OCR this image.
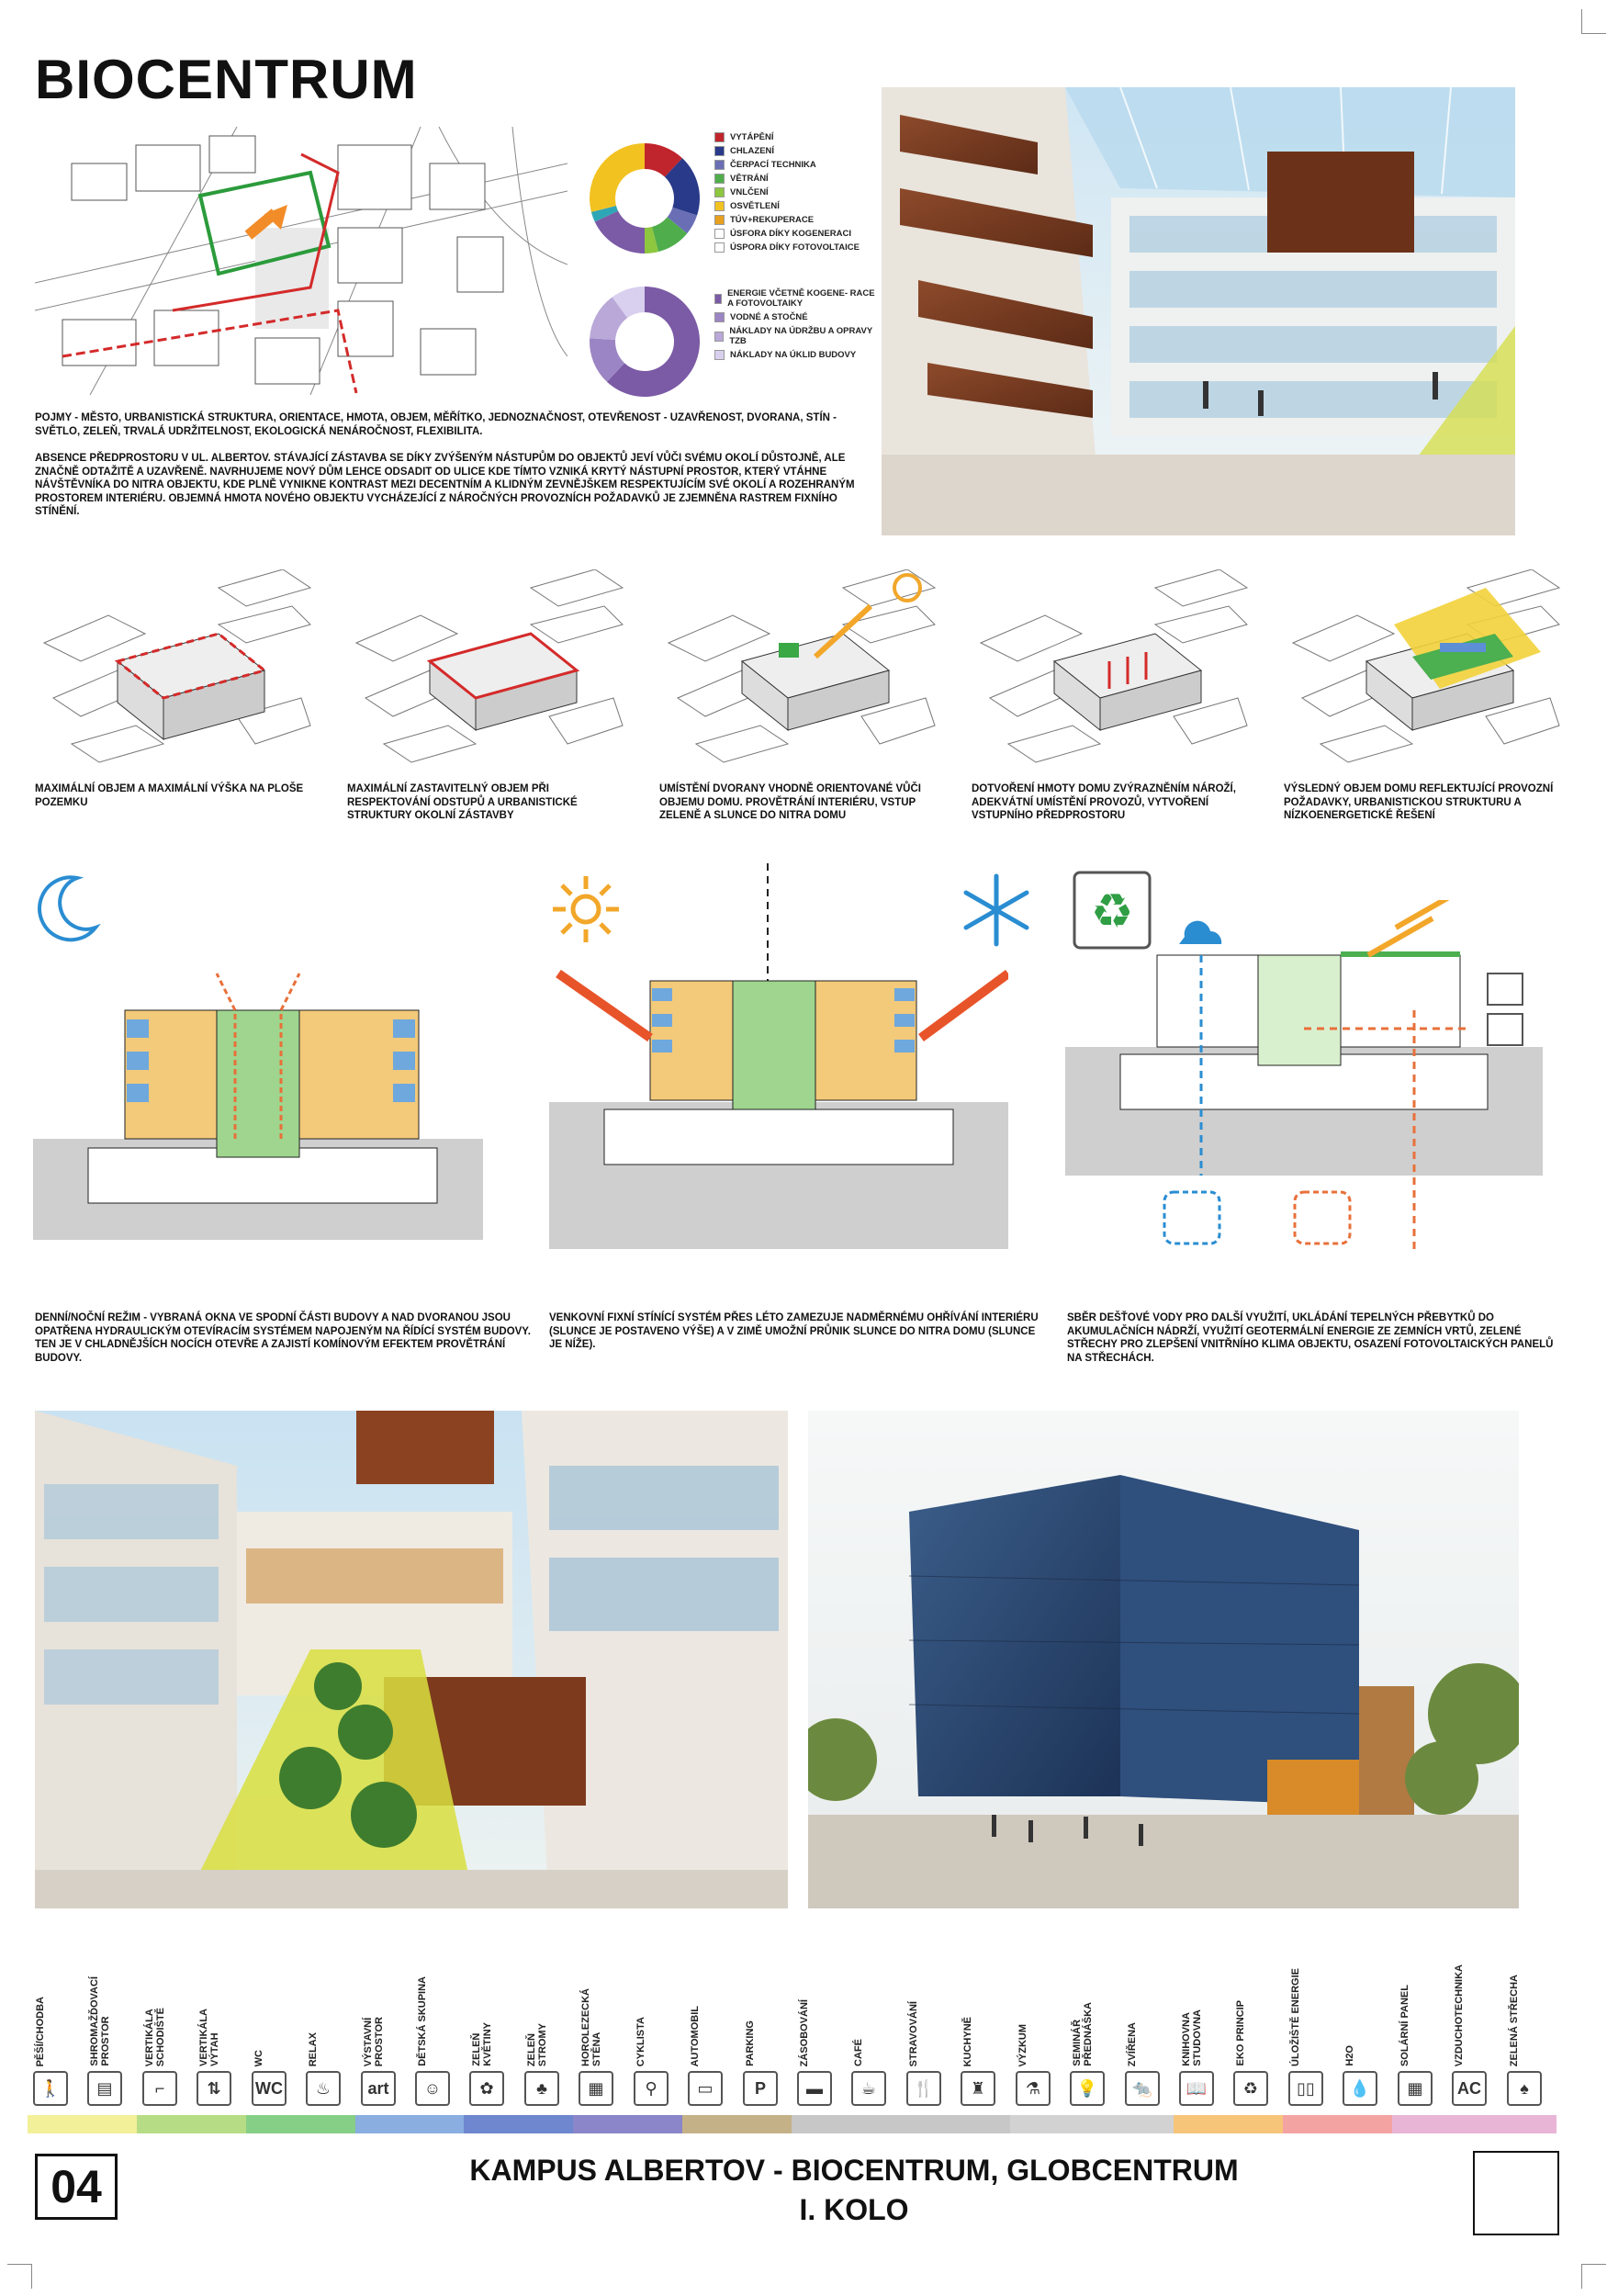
BIOCENTRUM
VYTÁPĚNÍ
CHLAZENÍ
ČERPACÍ TECHNIKA
VĚTRÁNÍ
VNLČENÍ
OSVĚTLENÍ
TÚV+REKUPERACE
ÚSFORA DÍKY KOGENERACI
ÚSPORA DÍKY FOTOVOLTAICE
ENERGIE VČETNĚ KOGENE- RACE A FOTOVOLTAIKY
VODNÉ A STOČNÉ
NÁKLADY NA ÚDRŽBU A OPRAVY TZB
NÁKLADY NA ÚKLID BUDOVY
POJMY - MĚSTO, URBANISTICKÁ STRUKTURA, ORIENTACE, HMOTA, OBJEM, MĚŘÍTKO, JEDNOZNAČNOST, OTEVŘENOST - UZAVŘENOST, DVORANA, STÍN - SVĚTLO, ZELEŇ, TRVALÁ UDRŽITELNOST, EKOLOGICKÁ NENÁROČNOST, FLEXIBILITA.
ABSENCE PŘEDPROSTORU V UL. ALBERTOV. STÁVAJÍCÍ ZÁSTAVBA SE DÍKY ZVÝŠENÝM NÁSTUPŮM DO OBJEKTŮ JEVÍ VŮČI SVÉMU OKOLÍ DŮSTOJNĚ, ALE ZNAČNĚ ODTAŽITĚ A UZAVŘENĚ. NAVRHUJEME NOVÝ DŮM LEHCE ODSADIT OD ULICE KDE TÍMTO VZNIKÁ KRYTÝ NÁSTUPNÍ PROSTOR, KTERÝ VTÁHNE NÁVŠTĚVNÍKA DO NITRA OBJEKTU, KDE PLNĚ VYNIKNE KONTRAST MEZI DECENTNÍM A KLIDNÝM ZEVNĚJŠKEM RESPEKTUJÍCÍM SVÉ OKOLÍ A ROZEHRANÝM PROSTOREM INTERIÉRU. OBJEMNÁ HMOTA NOVÉHO OBJEKTU VYCHÁZEJÍCÍ Z NÁROČNÝCH PROVOZNÍCH POŽADAVKŮ JE ZJEMNĚNA RASTREM FIXNÍHO STÍNĚNÍ.
MAXIMÁLNÍ OBJEM A MAXIMÁLNÍ VÝŠKA NA PLOŠE POZEMKU
MAXIMÁLNÍ ZASTAVITELNÝ OBJEM PŘI RESPEKTOVÁNÍ ODSTUPŮ A URBANISTICKÉ STRUKTURY OKOLNÍ ZÁSTAVBY
UMÍSTĚNÍ DVORANY VHODNĚ ORIENTOVANÉ VŮČI OBJEMU DOMU. PROVĚTRÁNÍ INTERIÉRU, VSTUP ZELENĚ A SLUNCE DO NITRA DOMU
DOTVOŘENÍ HMOTY DOMU ZVÝRAZNĚNÍM NÁROŽÍ, ADEKVÁTNÍ UMÍSTĚNÍ PROVOZŮ, VYTVOŘENÍ VSTUPNÍHO PŘEDPROSTORU
VÝSLEDNÝ OBJEM DOMU REFLEKTUJÍCÍ PROVOZNÍ POŽADAVKY, URBANISTICKOU STRUKTURU A NÍZKOENERGETICKÉ ŘEŠENÍ
♻
DENNÍ/NOČNÍ REŽIM - VYBRANÁ OKNA VE SPODNÍ ČÁSTI BUDOVY A NAD DVORANOU JSOU OPATŘENA HYDRAULICKÝM OTEVÍRACÍM SYSTÉMEM NAPOJENÝM NA ŘÍDÍCÍ SYSTÉM BUDOVY. TEN JE V CHLADNĚJŠÍCH NOCÍCH OTEVŘE A ZAJISTÍ KOMÍNOVÝM EFEKTEM PROVĚTRÁNÍ BUDOVY.
VENKOVNÍ FIXNÍ STÍNÍCÍ SYSTÉM PŘES LÉTO ZAMEZUJE NADMĚRNÉMU OHŘÍVÁNÍ INTERIÉRU (SLUNCE JE POSTAVENO VÝŠE) A V ZIMĚ UMOŽNÍ PRŮNIK SLUNCE DO NITRA DOMU (SLUNCE JE NÍŽE).
SBĚR DEŠŤOVÉ VODY PRO DALŠÍ VYUŽITÍ, UKLÁDÁNÍ TEPELNÝCH PŘEBYTKŮ DO AKUMULAČNÍCH NÁDRŽÍ, VYUŽITÍ GEOTERMÁLNÍ ENERGIE ZE ZEMNÍCH VRTŮ, ZELENÉ STŘECHY PRO ZLEPŠENÍ VNITŘNÍHO KLIMA OBJEKTU, OSAZENÍ FOTOVOLTAICKÝCH PANELŮ NA STŘECHÁCH.
PĚŠÍ/CHODBA
🚶
SHROMAŽĎOVACÍ
PROSTOR
▤
VERTIKÁLA
SCHODIŠTĚ
⌐
VERTIKÁLA
VÝTAH
⇅
WC
WC
RELAX
♨
VÝSTAVNÍ
PROSTOR
art
DĚTSKÁ SKUPINA
☺
ZELEŇ
KVĚTINY
✿
ZELEŇ
STROMY
♣
HOROLEZECKÁ
STĚNA
▦
CYKLISTA
⚲
AUTOMOBIL
▭
PARKING
P
ZÁSOBOVÁNÍ
▬
CAFÉ
☕
STRAVOVÁNÍ
🍴
KUCHYNĚ
♜
VÝZKUM
⚗
SEMINÁŘ
PŘEDNÁŠKA
💡
ZVÍŘENA
🐀
KNIHOVNA
STUDOVNA
📖
EKO PRINCIP
♻
ÚLOŽIŠTĚ ENERGIE
▯▯
H2O
💧
SOLÁRNÍ PANEL
▦
VZDUCHOTECHNIKA
AC
ZELENÁ STŘECHA
♠
04	KAMPUS ALBERTOV - BIOCENTRUM, GLOBCENTRUM
I. KOLO
